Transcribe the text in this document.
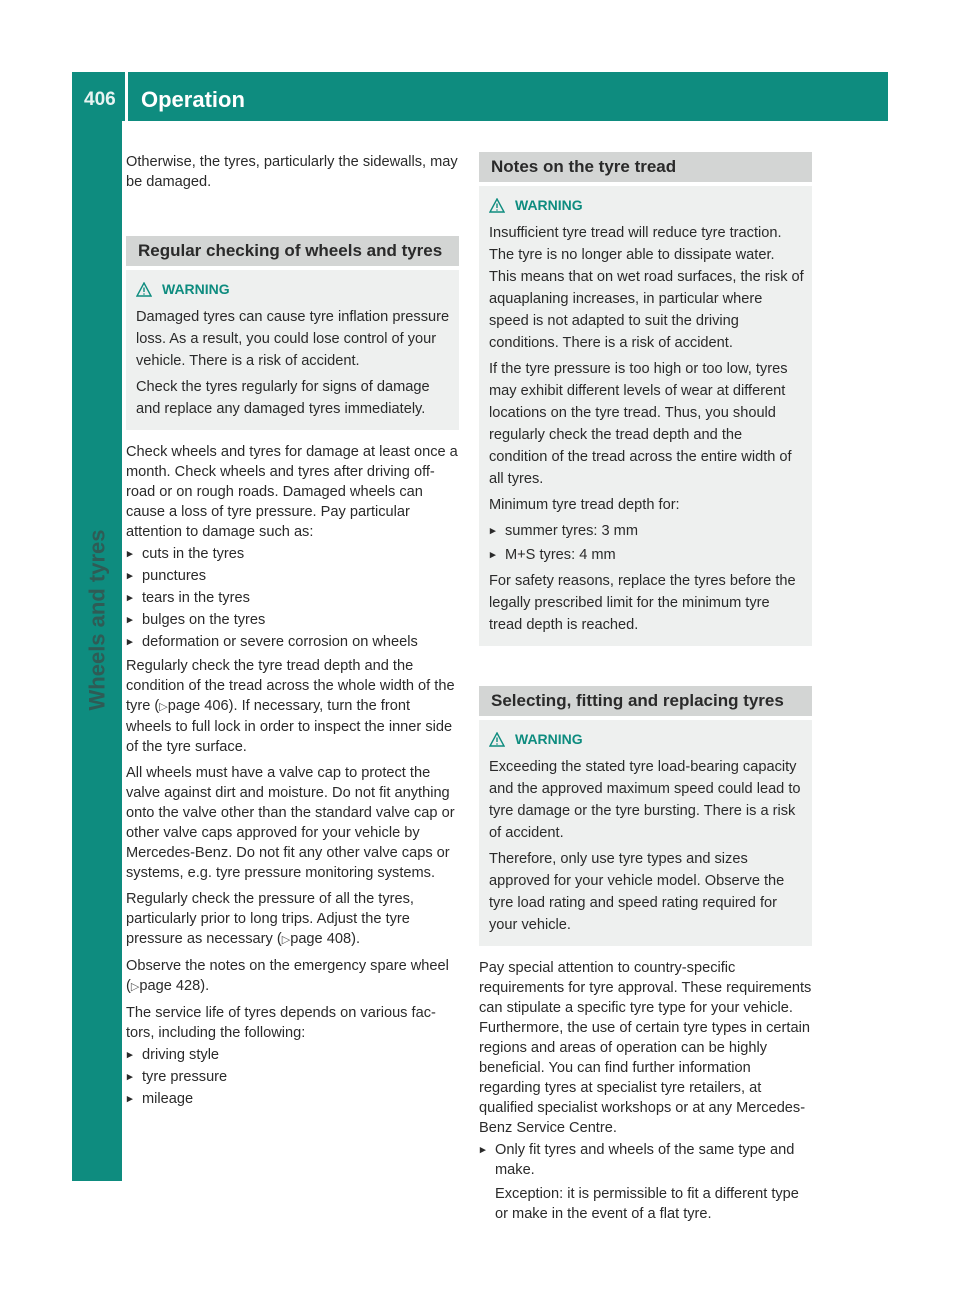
406 Operation
Wheels and tyres

Otherwise, the tyres, particularly the sidewalls, may be damaged.

Regular checking of wheels and tyres
WARNING

Damaged tyres can cause tyre inflation pressure loss. As a result, you could lose control of your vehicle. There is a risk of accident.

Check the tyres regularly for signs of damage and replace any damaged tyres immediately.

Check wheels and tyres for damage at least once a month. Check wheels and tyres after driving off-road or on rough roads. Damaged wheels can cause a loss of tyre pressure. Pay particular attention to damage such as:

▸ cuts in the tyres
▸ punctures
▸ tears in the tyres
▸ bulges on the tyres
▸ deformation or severe corrosion on wheels

Regularly check the tyre tread depth and the condition of the tread across the whole width of the tyre (▷page 406). If necessary, turn the front wheels to full lock in order to inspect the inner side of the tyre surface.

All wheels must have a valve cap to protect the valve against dirt and moisture. Do not fit anything onto the valve other than the standard valve cap or other valve caps approved for your vehicle by Mercedes-Benz. Do not fit any other valve caps or systems, e.g. tyre pressure monitoring systems.

Regularly check the pressure of all the tyres, particularly prior to long trips. Adjust the tyre pressure as necessary (▷page 408).

Observe the notes on the emergency spare wheel (▷page 428).

The service life of tyres depends on various factors, including the following:

▸ driving style
▸ tyre pressure
▸ mileage
Notes on the tyre tread
WARNING

Insufficient tyre tread will reduce tyre traction. The tyre is no longer able to dissipate water. This means that on wet road surfaces, the risk of aquaplaning increases, in particular where speed is not adapted to suit the driving conditions. There is a risk of accident.

If the tyre pressure is too high or too low, tyres may exhibit different levels of wear at different locations on the tyre tread. Thus, you should regularly check the tread depth and the condition of the tread across the entire width of all tyres.

Minimum tyre tread depth for:

▸ summer tyres: 3 mm
▸ M+S tyres: 4 mm

For safety reasons, replace the tyres before the legally prescribed limit for the minimum tyre tread depth is reached.

Selecting, fitting and replacing tyres
WARNING

Exceeding the stated tyre load-bearing capacity and the approved maximum speed could lead to tyre damage or the tyre bursting. There is a risk of accident.

Therefore, only use tyre types and sizes approved for your vehicle model. Observe the tyre load rating and speed rating required for your vehicle.

Pay special attention to country-specific requirements for tyre approval. These requirements can stipulate a specific tyre type for your vehicle. Furthermore, the use of certain tyre types in certain regions and areas of operation can be highly beneficial. You can find further information regarding tyres at specialist tyre retailers, at qualified specialist workshops or at any Mercedes-Benz Service Centre.

▸ Only fit tyres and wheels of the same type and make.

Exception: it is permissible to fit a different type or make in the event of a flat tyre.
